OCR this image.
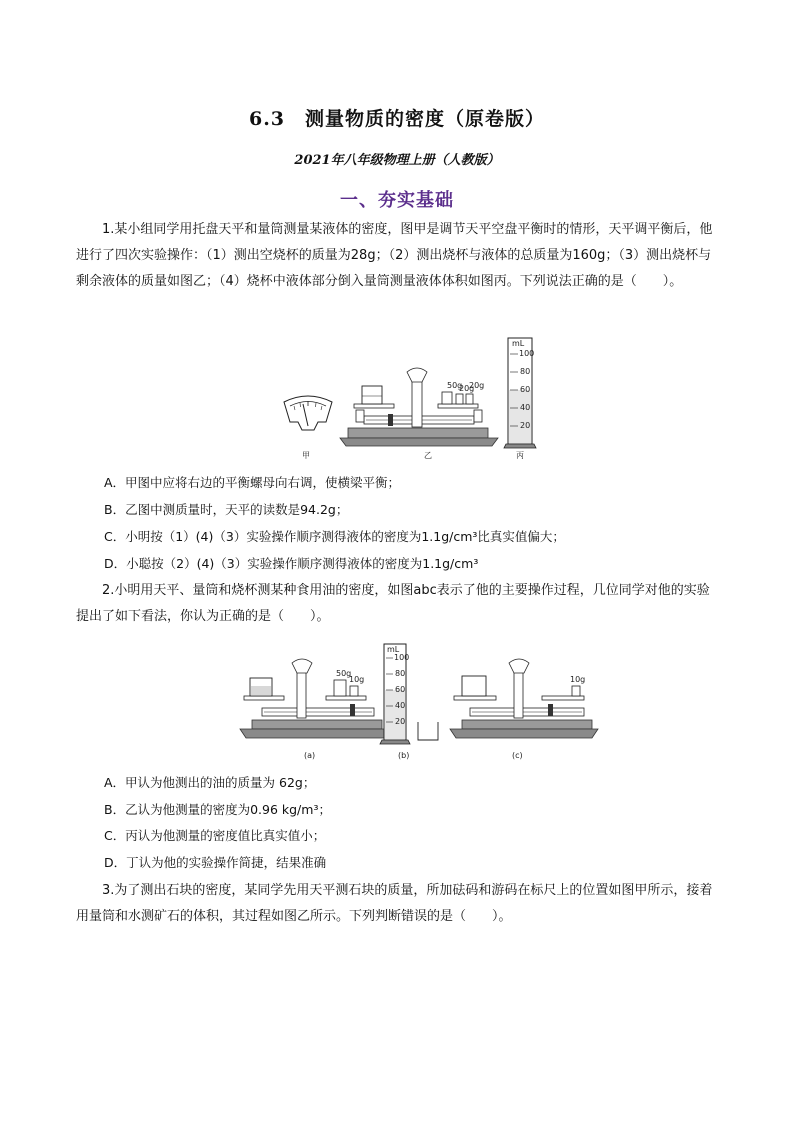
6.3　测量物质的密度（原卷版）
2021年八年级物理上册（人教版）
一、夯实基础
1.某小组同学用托盘天平和量筒测量某液体的密度，图甲是调节天平空盘平衡时的情形，天平调平衡后，他进行了四次实验操作：（1）测出空烧杯的质量为28g；（2）测出烧杯与液体的总质量为160g；（3）测出烧杯与剩余液体的质量如图乙；（4）烧杯中液体部分倒入量筒测量液体体积如图丙。下列说法正确的是（　　）。
50g
20g
20g
mL
100
80
60
40
20
甲	乙	丙
A．甲图中应将右边的平衡螺母向右调，使横梁平衡；
B．乙图中测质量时，天平的读数是94.2g；
C．小明按（1）(4)（3）实验操作顺序测得液体的密度为1.1g/cm³比真实值偏大；
D．小聪按（2）(4)（3）实验操作顺序测得液体的密度为1.1g/cm³
2.小明用天平、量筒和烧杯测某种食用油的密度，如图abc表示了他的主要操作过程，几位同学对他的实验提出了如下看法，你认为正确的是（　　）。
50g
10g
(a)
mL
100
80
60
40
20
(b)
10g
(c)
A．甲认为他测出的油的质量为 62g；
B．乙认为他测量的密度为0.96 kg/m³；
C．丙认为他测量的密度值比真实值小；
D．丁认为他的实验操作简捷，结果准确
3.为了测出石块的密度，某同学先用天平测石块的质量，所加砝码和游码在标尺上的位置如图甲所示，接着用量筒和水测矿石的体积，其过程如图乙所示。下列判断错误的是（　　）。
